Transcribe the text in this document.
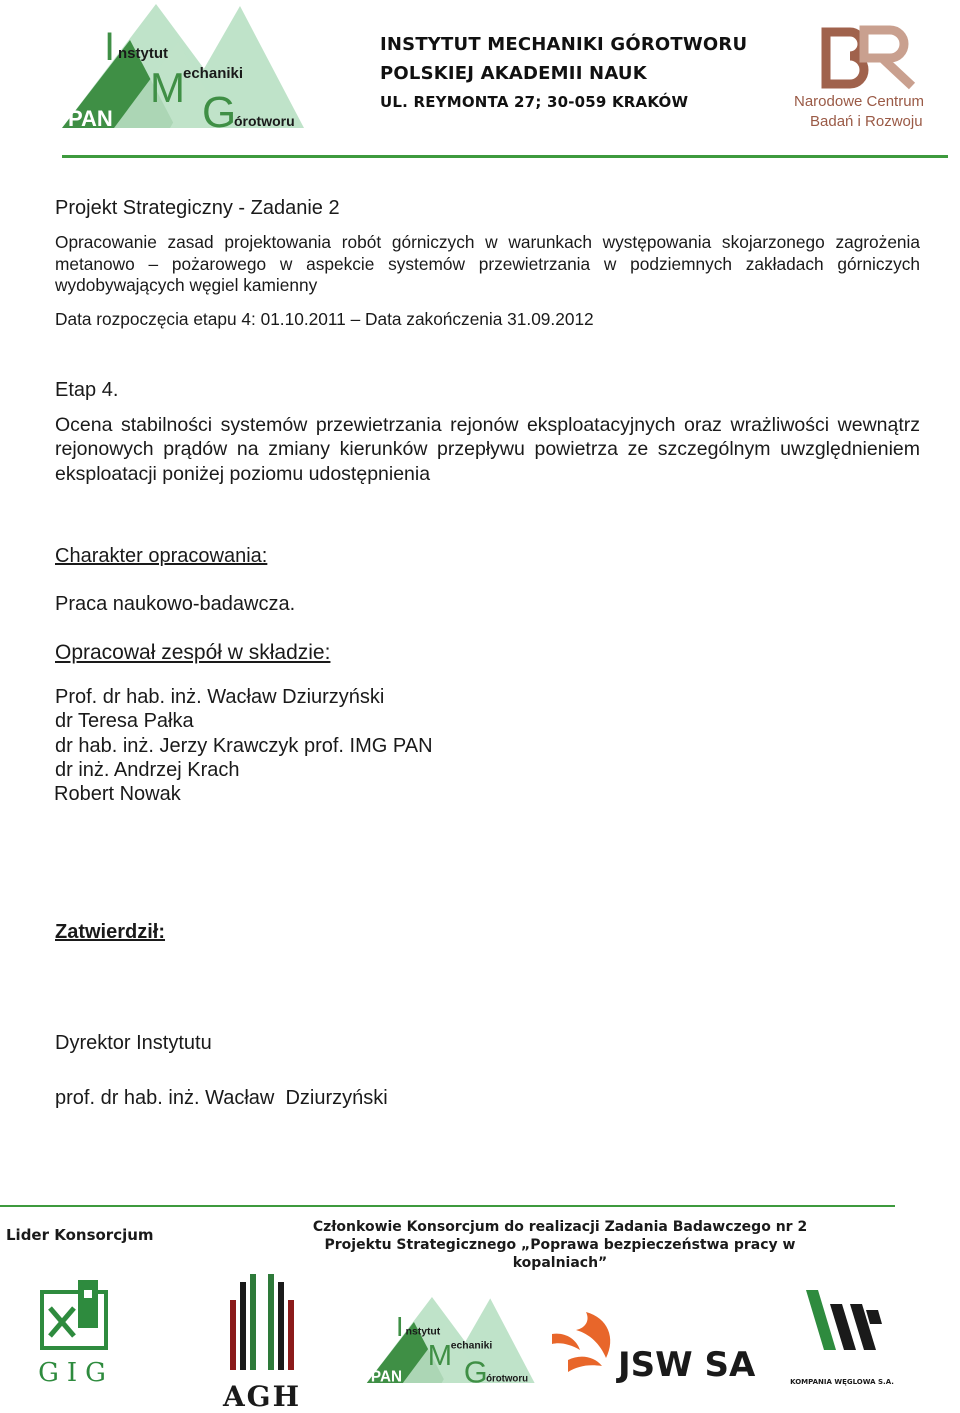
I nstytut
M
echaniki
G
órotworu
PAN
INSTYTUT MECHANIKI GÓROTWORU
POLSKIEJ AKADEMII NAUK
UL. REYMONTA 27; 30-059 KRAKÓW	Narodowe Centrum
Badań i Rozwoju
Projekt Strategiczny - Zadanie 2
Opracowanie zasad projektowania robót górniczych w warunkach występowania skojarzonego zagrożenia metanowo – pożarowego w aspekcie systemów przewietrzania w podziemnych zakładach górniczych wydobywających węgiel kamienny
Data rozpoczęcia etapu 4: 01.10.2011 – Data zakończenia 31.09.2012
Etap 4.
Ocena stabilności systemów przewietrzania rejonów eksploatacyjnych oraz wrażliwości wewnątrz rejonowych prądów na zmiany kierunków przepływu powietrza ze szczególnym uwzględnieniem eksploatacji poniżej poziomu udostępnienia
Charakter opracowania:
Praca naukowo-badawcza.
Opracował zespół w składzie:
Prof. dr hab. inż. Wacław Dziurzyński
dr Teresa Pałka
dr hab. inż. Jerzy Krawczyk prof. IMG PAN
dr inż. Andrzej Krach
Robert Nowak
Zatwierdził:
Dyrektor Instytutu
prof. dr hab. inż. Wacław  Dziurzyński
Lider Konsorcjum	Członkowie Konsorcjum do realizacji Zadania Badawczego nr 2
Projektu Strategicznego „Poprawa bezpieczeństwa pracy w kopalniach”
GIG
AGH
I nstytut
M
echaniki
G
órotworu
PAN	JSW SA	KOMPANIA WĘGLOWA S.A.
